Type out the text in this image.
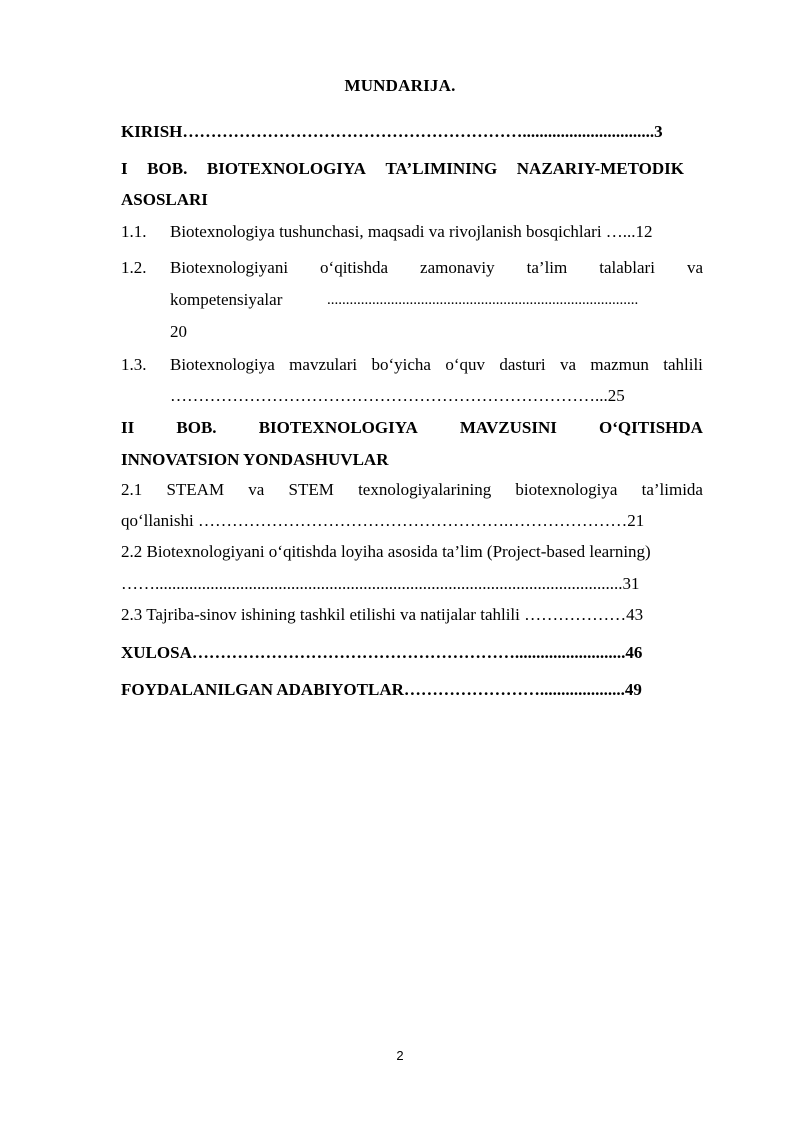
MUNDARIJA.
KIRISH……………………………………………………...............................3
I BOB. BIOTEXNOLOGIYA TA’LIMINING NAZARIY-METODIK
ASOSLARI
1.1. Biotexnologiya tushunchasi, maqsadi va rivojlanish bosqichlari …...12
1.2. Biotexnologiyani o‘qitishda zamonaviy ta’lim talablari va
kompetensiyalar	...................................................................................
20
1.3. Biotexnologiya mavzulari bo‘yicha o‘quv dasturi va mazmun tahlili
…………………………………………………………………...25
II BOB. BIOTEXNOLOGIYA MAVZUSINI O‘QITISHDA
INNOVATSION YONDASHUVLAR
2.1 STEAM va STEM texnologiyalarining biotexnologiya ta’limida
qo‘llanishi ……………………………………………….…………………21
2.2 Biotexnologiyani o‘qitishda loyiha asosida ta’lim (Project-based learning)
……..............................................................................................................31
2.3 Tajriba-sinov ishining tashkil etilishi va natijalar tahlili ………………43
XULOSA…………………………………………………..........................46
FOYDALANILGAN ADABIYOTLAR……………………....................49
2
